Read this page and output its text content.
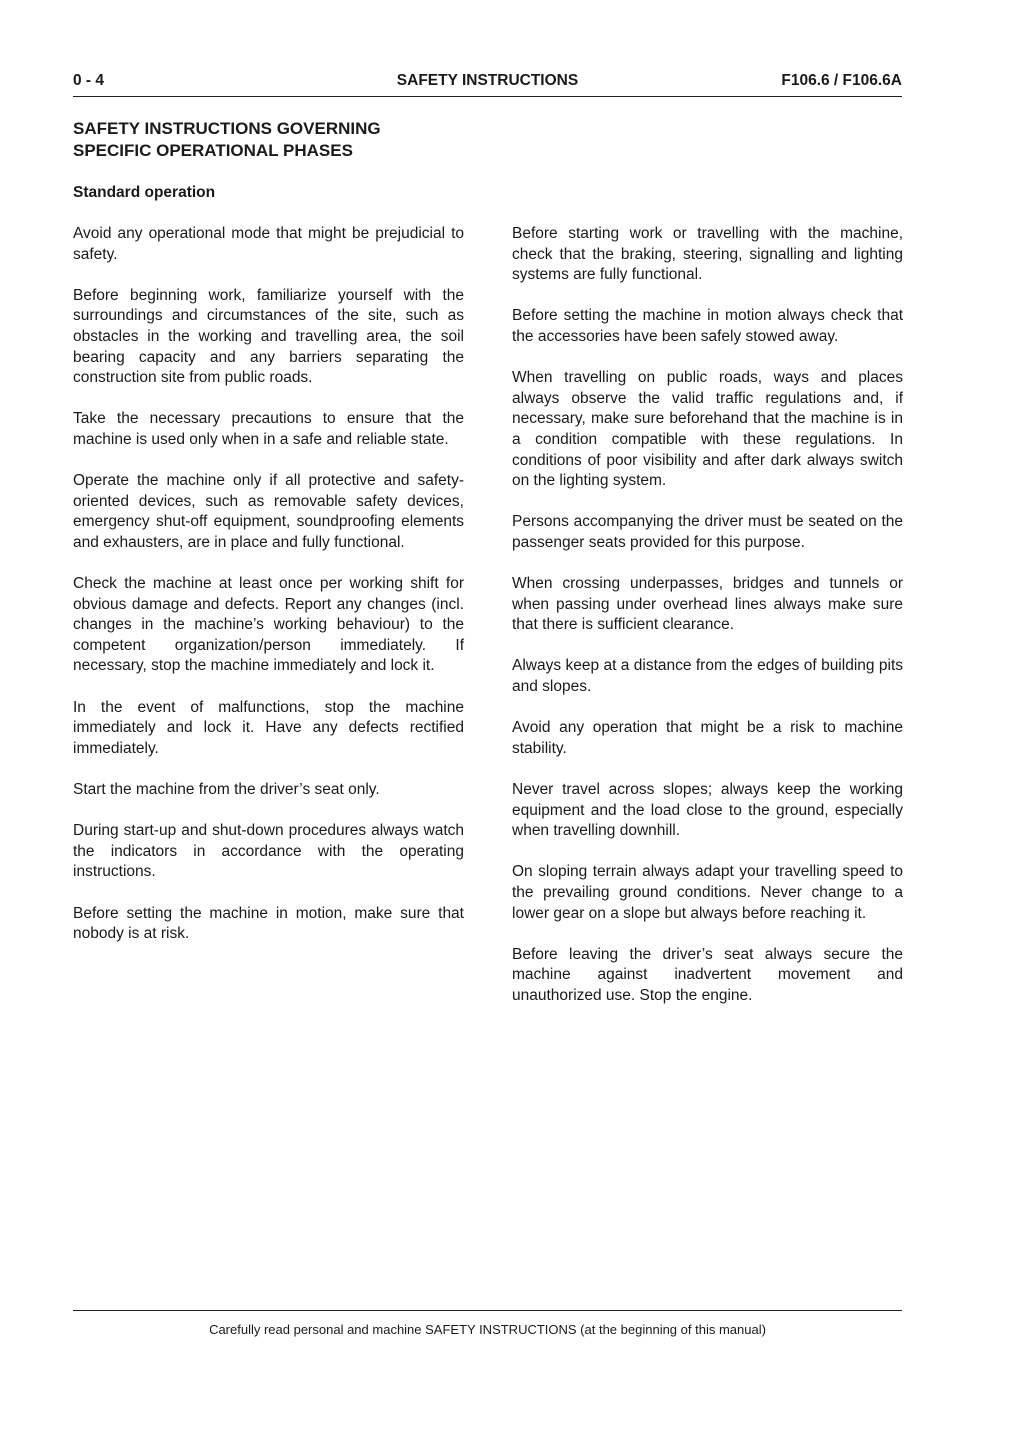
SAFETY INSTRUCTIONS
0 - 4	F106.6 / F106.6A
SAFETY INSTRUCTIONS GOVERNING
SPECIFIC OPERATIONAL PHASES
Standard operation

Avoid any operational mode that might be prejudicial to safety.

Before beginning work, familiarize yourself with the surroundings and circumstances of the site, such as obstacles in the working and travelling area, the soil bearing capacity and any barriers separating the construction site from public roads.

Take the necessary precautions to ensure that the machine is used only when in a safe and reliable state.

Operate the machine only if all protective and safety-oriented devices, such as removable safety devices, emergency shut-off equipment, soundproofing elements and exhausters, are in place and fully functional.

Check the machine at least once per working shift for obvious damage and defects. Report any changes (incl. changes in the machine’s working behaviour) to the competent organization/person immediately. If necessary, stop the machine immediately and lock it.

In the event of malfunctions, stop the machine immediately and lock it. Have any defects rectified immediately.

Start the machine from the driver’s seat only.

During start-up and shut-down procedures always watch the indicators in accordance with the operating instructions.

Before setting the machine in motion, make sure that nobody is at risk.

Before starting work or travelling with the machine, check that the braking, steering, signalling and lighting systems are fully functional.

Before setting the machine in motion always check that the accessories have been safely stowed away.

When travelling on public roads, ways and places always observe the valid traffic regulations and, if necessary, make sure beforehand that the machine is in a condition compatible with these regulations. In conditions of poor visibility and after dark always switch on the lighting system.

Persons accompanying the driver must be seated on the passenger seats provided for this purpose.

When crossing underpasses, bridges and tunnels or when passing under overhead lines always make sure that there is sufficient clearance.

Always keep at a distance from the edges of building pits and slopes.

Avoid any operation that might be a risk to machine stability.

Never travel across slopes; always keep the working equipment and the load close to the ground, especially when travelling downhill.

On sloping terrain always adapt your travelling speed to the prevailing ground conditions. Never change to a lower gear on a slope but always before reaching it.

Before leaving the driver’s seat always secure the machine against inadvertent movement and unauthorized use. Stop the engine.

Carefully read personal and machine SAFETY INSTRUCTIONS (at the beginning of this manual)
